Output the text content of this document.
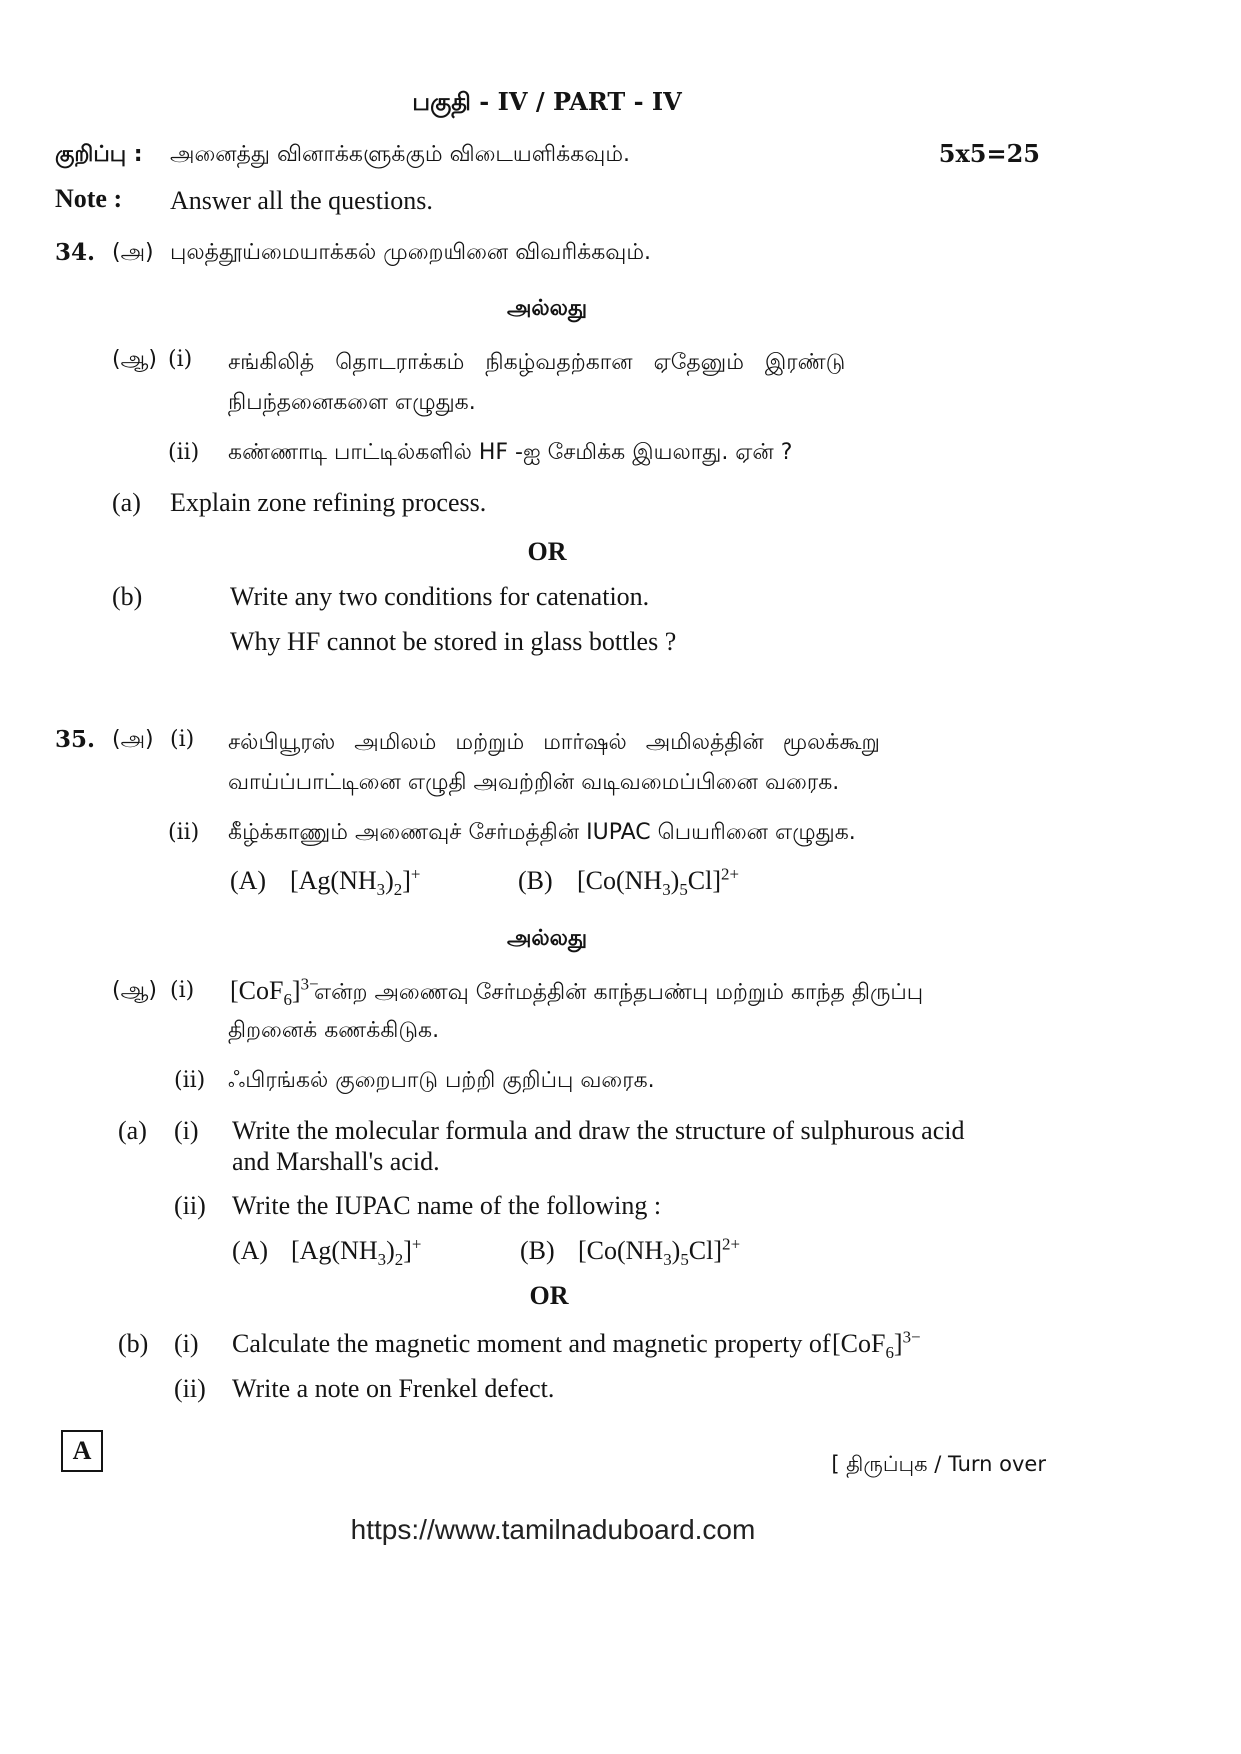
பகுதி - IV / PART - IV
குறிப்பு : அனைத்து வினாக்களுக்கும் விடையளிக்கவும்.	5x5=25
Note : Answer all the questions.
34. (அ) புலத்தூய்மையாக்கல் முறையினை விவரிக்கவும்.
அல்லது
(ஆ) (i) சங்கிலித் தொடராக்கம் நிகழ்வதற்கான ஏதேனும் இரண்டு
நிபந்தனைகளை எழுதுக.
(ii) கண்ணாடி பாட்டில்களில் HF -ஐ சேமிக்க இயலாது. ஏன் ?
(a) Explain zone refining process.
OR
(b)	Write any two conditions for catenation.
Why HF cannot be stored in glass bottles ?
35. (அ) (i) சல்பியூரஸ் அமிலம் மற்றும் மார்ஷல் அமிலத்தின் மூலக்கூறு
வாய்ப்பாட்டினை எழுதி அவற்றின் வடிவமைப்பினை வரைக.
(ii) கீழ்க்காணும் அணைவுச் சேர்மத்தின் IUPAC பெயரினை எழுதுக.
(A) $[Ag(NH_3)_2]^+$	(B) $[Co(NH_3)_5Cl]^{2+}$
அல்லது
(ஆ) (i) $[CoF_6]^{3-}$
என்ற அணைவு சேர்மத்தின் காந்தபண்பு மற்றும் காந்த திருப்பு
திறனைக் கணக்கிடுக.
(ii) ஃபிரங்கல் குறைபாடு பற்றி குறிப்பு வரைக.
(a) (i) Write the molecular formula and draw the structure of sulphurous acid
and Marshall's acid.
(ii) Write the IUPAC name of the following :
(A) $[Ag(NH_3)_2]^+$	(B) $[Co(NH_3)_5Cl]^{2+}$
OR
(b) (i) Calculate the magnetic moment and magnetic property of $[CoF_6]^{3-}$
(ii) Write a note on Frenkel defect.
A	[ திருப்புக / Turn over
https://www.tamilnaduboard.com
